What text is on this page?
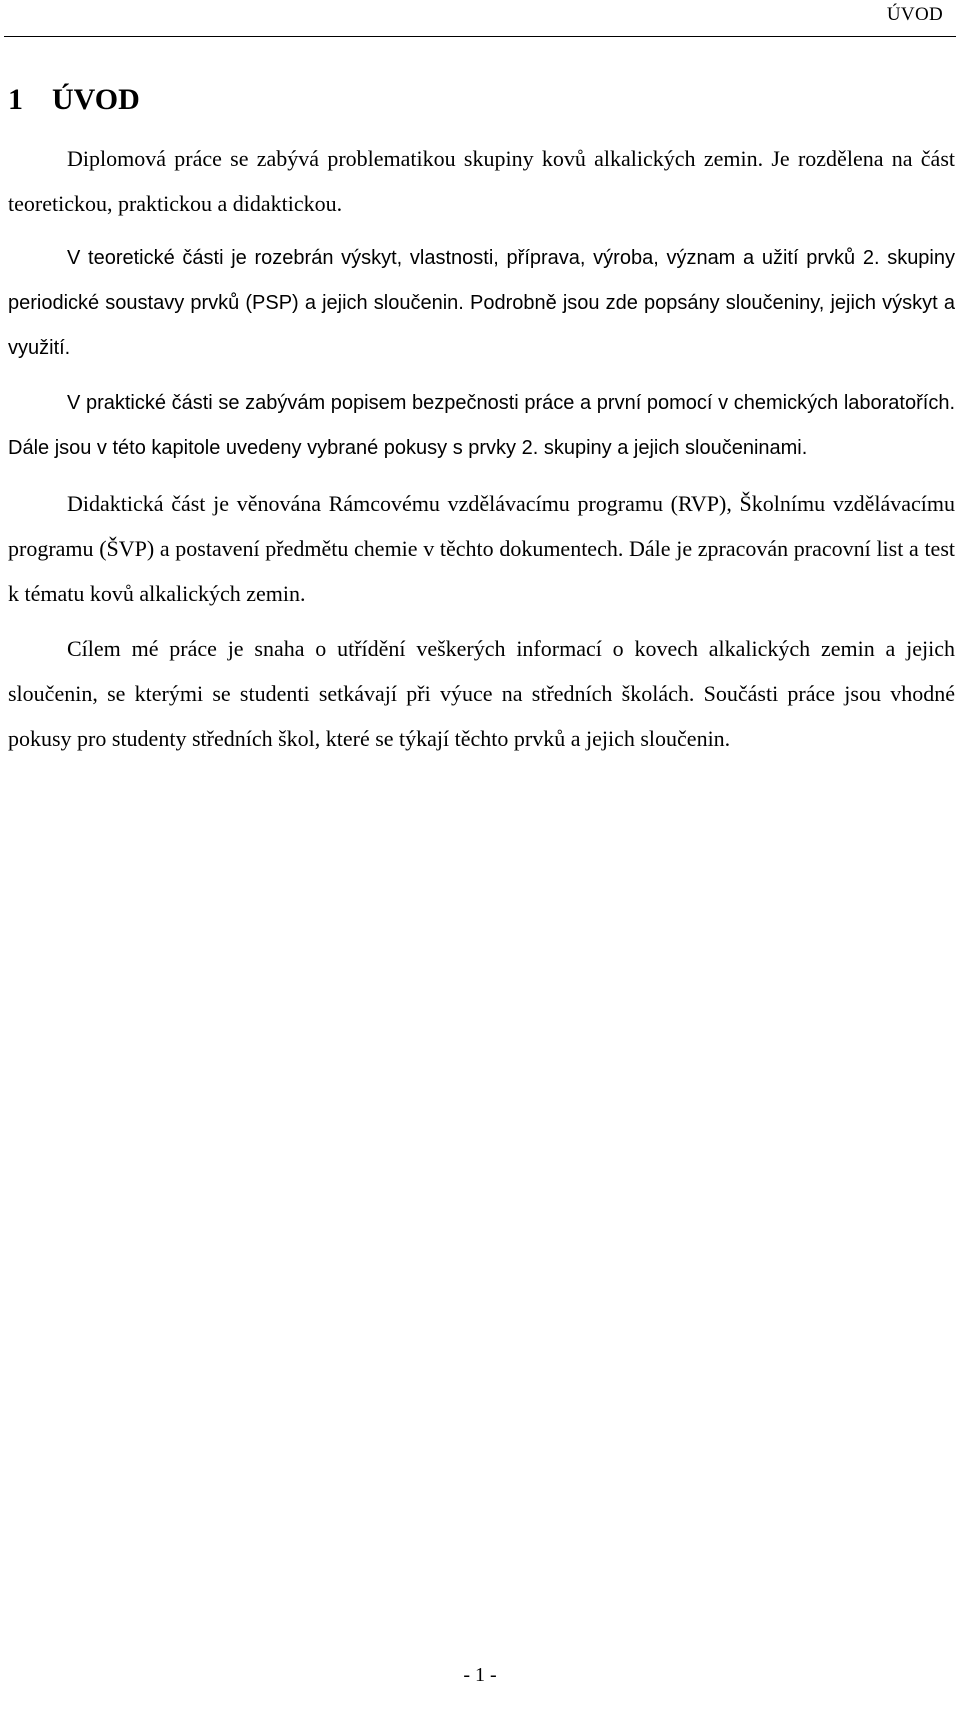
ÚVOD
1 ÚVOD

Diplomová práce se zabývá problematikou skupiny kovů alkalických zemin. Je rozdělena na část teoretickou, praktickou a didaktickou.

V teoretické části je rozebrán výskyt, vlastnosti, příprava, výroba, význam a užití prvků 2. skupiny periodické soustavy prvků (PSP) a jejich sloučenin. Podrobně jsou zde popsány sloučeniny, jejich výskyt a využití.

V praktické části se zabývám popisem bezpečnosti práce a první pomocí v chemických laboratořích. Dále jsou v této kapitole uvedeny vybrané pokusy s prvky 2. skupiny a jejich sloučeninami.

Didaktická část je věnována Rámcovému vzdělávacímu programu (RVP), Školnímu vzdělávacímu programu (ŠVP) a postavení předmětu chemie v těchto dokumentech. Dále je zpracován pracovní list a test k tématu kovů alkalických zemin.

Cílem mé práce je snaha o utřídění veškerých informací o kovech alkalických zemin a jejich sloučenin, se kterými se studenti setkávají při výuce na středních školách. Součásti práce jsou vhodné pokusy pro studenty středních škol, které se týkají těchto prvků a jejich sloučenin.

- 1 -
